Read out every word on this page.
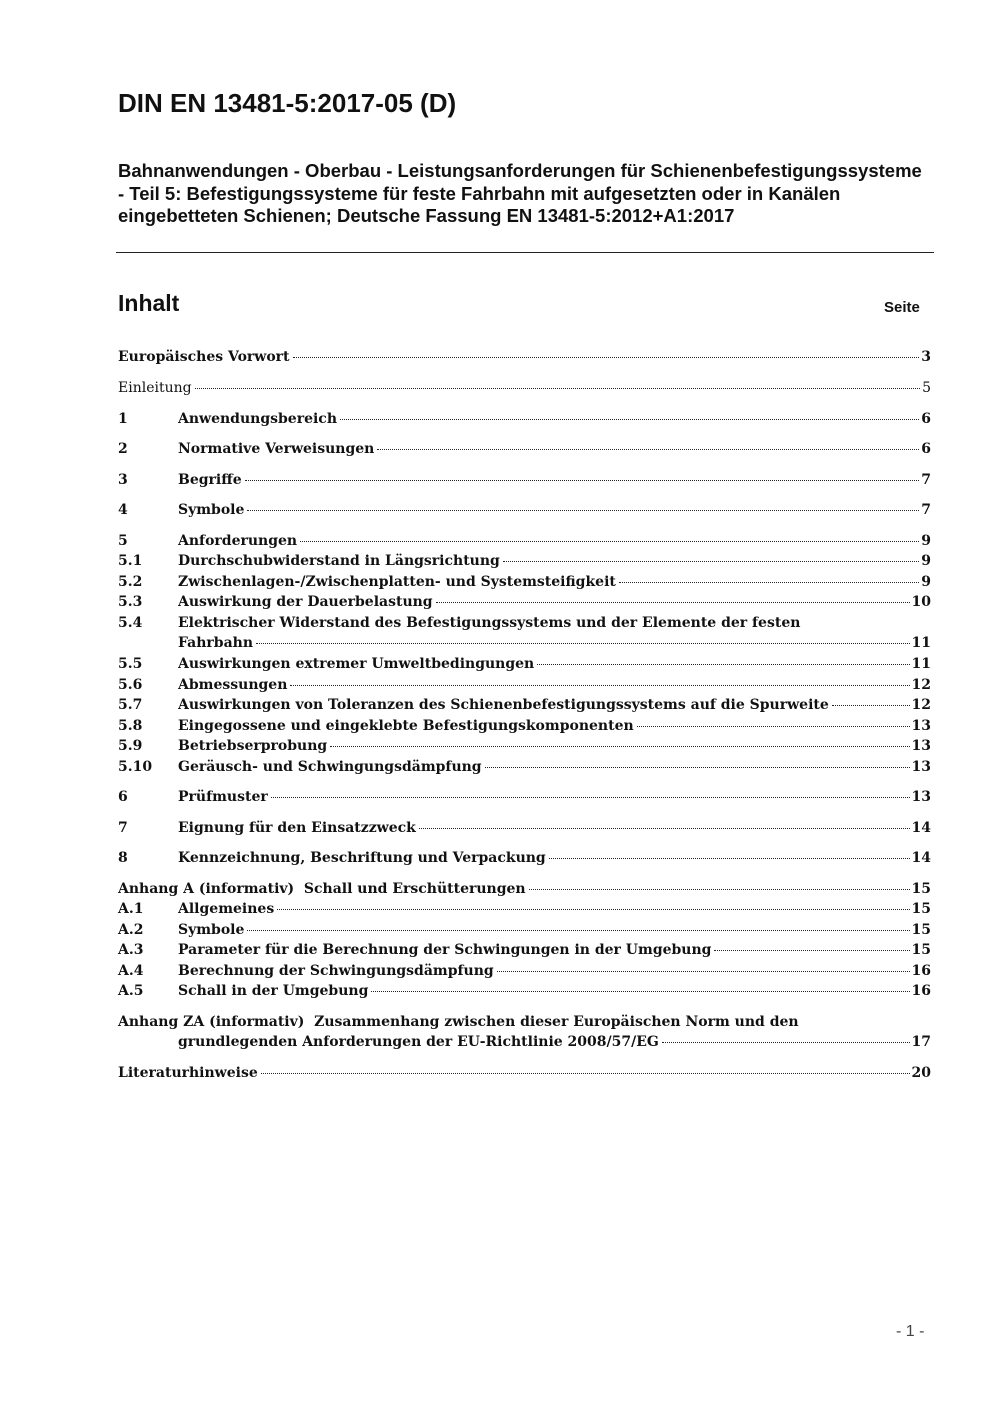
DIN EN 13481-5:2017-05 (D)

Bahnanwendungen - Oberbau - Leistungsanforderungen für Schienenbefestigungssysteme - Teil 5: Befestigungssysteme für feste Fahrbahn mit aufgesetzten oder in Kanälen eingebetteten Schienen; Deutsche Fassung EN 13481-5:2012+A1:2017

Inhalt	Seite
Europäisches Vorwort	3
Einleitung	5
1	Anwendungsbereich	6
2	Normative Verweisungen	6
3	Begriffe	7
4	Symbole	7
5	Anforderungen	9
5.1	Durchschubwiderstand in Längsrichtung	9
5.2	Zwischenlagen-/Zwischenplatten- und Systemsteifigkeit	9
5.3	Auswirkung der Dauerbelastung	10
5.4	Elektrischer Widerstand des Befestigungssystems und der Elemente der festen
Fahrbahn	11
5.5	Auswirkungen extremer Umweltbedingungen	11
5.6	Abmessungen	12
5.7	Auswirkungen von Toleranzen des Schienenbefestigungssystems auf die Spurweite	12
5.8	Eingegossene und eingeklebte Befestigungskomponenten	13
5.9	Betriebserprobung	13
5.10 Geräusch- und Schwingungsdämpfung	13
6	Prüfmuster	13
7	Eignung für den Einsatzzweck	14
8	Kennzeichnung, Beschriftung und Verpackung	14
Anhang A (informativ)  Schall und Erschütterungen	15
A.1 Allgemeines	15
A.2 Symbole	15
A.3 Parameter für die Berechnung der Schwingungen in der Umgebung	15
A.4 Berechnung der Schwingungsdämpfung	16
A.5 Schall in der Umgebung	16
Anhang ZA (informativ)  Zusammenhang zwischen dieser Europäischen Norm und den
grundlegenden Anforderungen der EU-Richtlinie 2008/57/EG	17
Literaturhinweise	20
- 1 -
